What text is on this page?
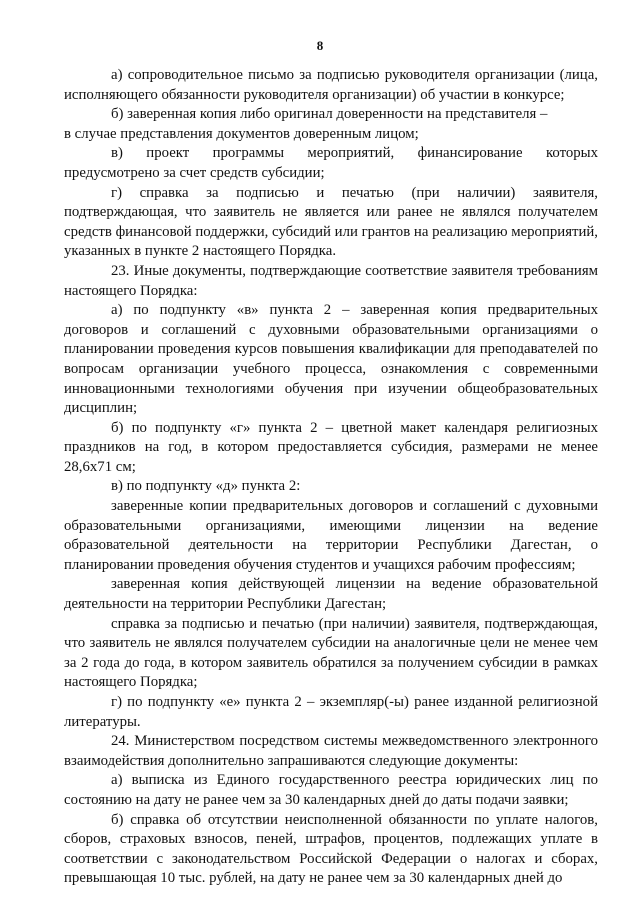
8

а) сопроводительное письмо за подписью руководителя организации (лица, исполняющего обязанности руководителя организации) об участии в конкурсе;

б) заверенная копия либо оригинал доверенности на представителя –

в случае представления документов доверенным лицом;

в) проект программы мероприятий, финансирование которых предусмотрено за счет средств субсидии;

г) справка за подписью и печатью (при наличии) заявителя, подтверждающая, что заявитель не является или ранее не являлся получателем средств финансовой поддержки, субсидий или грантов на реализацию мероприятий, указанных в пункте 2 настоящего Порядка.

23. Иные документы, подтверждающие соответствие заявителя требованиям настоящего Порядка:

а) по подпункту «в» пункта 2 – заверенная копия предварительных договоров и соглашений с духовными образовательными организациями о планировании проведения курсов повышения квалификации для преподавателей по вопросам организации учебного процесса, ознакомления с современными инновационными технологиями обучения при изучении общеобразовательных дисциплин;

б) по подпункту «г» пункта 2 – цветной макет календаря религиозных праздников на год, в котором предоставляется субсидия, размерами не менее 28,6х71 см;

в) по подпункту «д» пункта 2:

заверенные копии предварительных договоров и соглашений с духовными образовательными организациями, имеющими лицензии на ведение образовательной деятельности на территории Республики Дагестан, о планировании проведения обучения студентов и учащихся рабочим профессиям;

заверенная копия действующей лицензии на ведение образовательной деятельности на территории Республики Дагестан;

справка за подписью и печатью (при наличии) заявителя, подтверждающая, что заявитель не являлся получателем субсидии на аналогичные цели не менее чем за 2 года до года, в котором заявитель обратился за получением субсидии в рамках настоящего Порядка;

г) по подпункту «е» пункта 2 – экземпляр(-ы) ранее изданной религиозной литературы.

24. Министерством посредством системы межведомственного электронного взаимодействия дополнительно запрашиваются следующие документы:

а) выписка из Единого государственного реестра юридических лиц по состоянию на дату не ранее чем за 30 календарных дней до даты подачи заявки;

б) справка об отсутствии неисполненной обязанности по уплате налогов, сборов, страховых взносов, пеней, штрафов, процентов, подлежащих уплате в соответствии с законодательством Российской Федерации о налогах и сборах, превышающая 10 тыс. рублей, на дату не ранее чем за 30 календарных дней до
